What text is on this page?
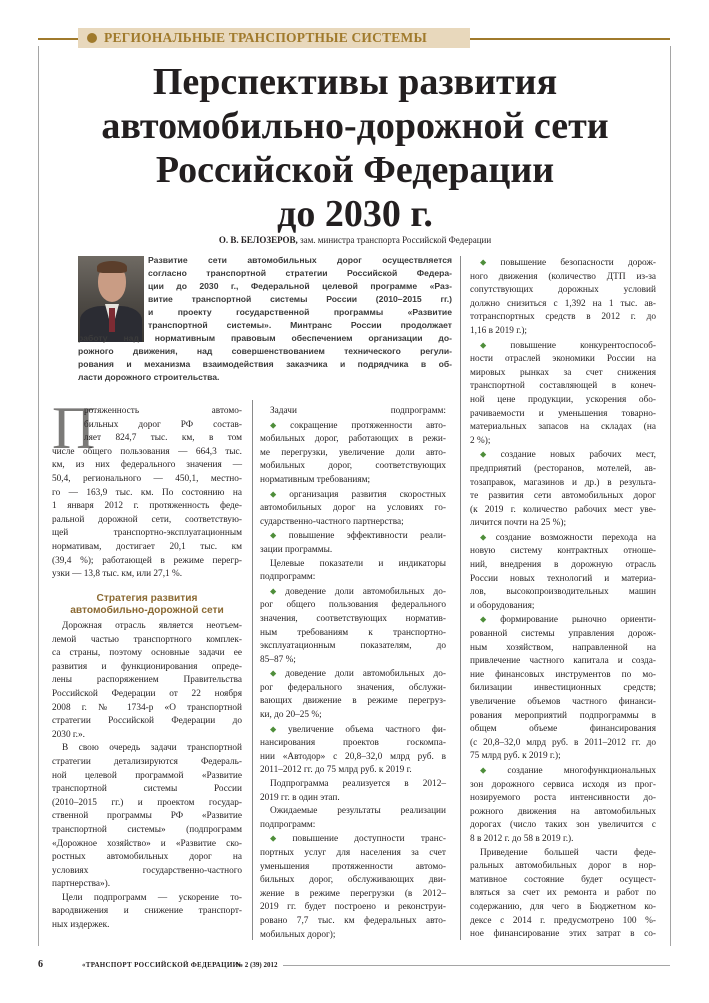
РЕГИОНАЛЬНЫЕ ТРАНСПОРТНЫЕ СИСТЕМЫ
Перспективы развития
автомобильно-дорожной сети
Российской Федерации
до 2030 г.
О. В. БЕЛОЗЕРОВ, зам. министра транспорта Российской Федерации
Развитие сети автомобильных дорог осуществляется
согласно транспортной стратегии Российской Федера-
ции до 2030 г., Федеральной целевой программе «Раз-
витие транспортной системы России (2010–2015 гг.)
и проекту государственной программы «Развитие
транспортной системы». Минтранс России продолжает
работу над нормативным правовым обеспечением организации до-
рожного движения, над совершенствованием технического регули-
рования и механизма взаимодействия заказчика и подрядчика в об-
ласти дорожного строительства.
П
ротяженность автомо-
бильных дорог РФ состав-
ляет 824,7 тыс. км, в том
числе общего пользования — 664,3 тыс.
км, из них федерального значения —
50,4, регионального — 450,1, местно-
го — 163,9 тыс. км. По состоянию на
1 января 2012 г. протяженность феде-
ральной дорожной сети, соответствую-
щей транспортно-эксплуатационным
нормативам, достигает 20,1 тыс. км
(39,4 %); работающей в режиме перегр-
узки — 13,8 тыс. км, или 27,1 %.
Стратегия развития
автомобильно-дорожной сети
Дорожная отрасль является неотъем-
лемой частью транспортного комплек-
са страны, поэтому основные задачи ее
развития и функционирования опреде-
лены распоряжением Правительства
Российской Федерации от 22 ноября
2008 г. № 1734-р «О транспортной
стратегии Российской Федерации до
2030 г.».
В свою очередь задачи транспортной
стратегии детализируются Федераль-
ной целевой программой «Развитие
транспортной системы России
(2010–2015 гг.) и проектом государ-
ственной программы РФ «Развитие
транспортной системы» (подпрограмм
«Дорожное хозяйство» и «Развитие ско-
ростных автомобильных дорог на
условиях государственно-частного
партнерства»).
Цели подпрограмм — ускорение то-
вародвижения и снижение транспорт-
ных издержек.
Задачи подпрограмм:
⬥ сокращение протяженности авто-
мобильных дорог, работающих в режи-
ме перегрузки, увеличение доли авто-
мобильных дорог, соответствующих
нормативным требованиям;
⬥ организация развития скоростных
автомобильных дорог на условиях го-
сударственно-частного партнерства;
⬥ повышение эффективности реали-
зации программы.
Целевые показатели и индикаторы
подпрограмм:
⬥ доведение доли автомобильных до-
рог общего пользования федерального
значения, соответствующих норматив-
ным требованиям к транспортно-
эксплуатационным показателям, до
85–87 %;
⬥ доведение доли автомобильных до-
рог федерального значения, обслужи-
вающих движение в режиме перегруз-
ки, до 20–25 %;
⬥ увеличение объема частного фи-
нансирования проектов госкомпа-
нии «Автодор» с 20,8–32,0 млрд руб. в
2011–2012 гг. до 75 млрд руб. к 2019 г.
Подпрограмма реализуется в 2012–
2019 гг. в один этап.
Ожидаемые результаты реализации
подпрограмм:
⬥ повышение доступности транс-
портных услуг для населения за счет
уменьшения протяженности автомо-
бильных дорог, обслуживающих дви-
жение в режиме перегрузки (в 2012–
2019 гг. будет построено и реконструи-
ровано 7,7 тыс. км федеральных авто-
мобильных дорог);
⬥ повышение безопасности дорож-
ного движения (количество ДТП из-за
сопутствующих дорожных условий
должно снизиться с 1,392 на 1 тыс. ав-
тотранспортных средств в 2012 г. до
1,16 в 2019 г.);
⬥ повышение конкурентоспособ-
ности отраслей экономики России на
мировых рынках за счет снижения
транспортной составляющей в конеч-
ной цене продукции, ускорения обо-
рачиваемости и уменьшения товарно-
материальных запасов на складах (на
2 %);
⬥ создание новых рабочих мест,
предприятий (ресторанов, мотелей, ав-
тозаправок, магазинов и др.) в результа-
те развития сети автомобильных дорог
(к 2019 г. количество рабочих мест уве-
личится почти на 25 %);
⬥ создание возможности перехода на
новую систему контрактных отноше-
ний, внедрения в дорожную отрасль
России новых технологий и материа-
лов, высокопроизводительных машин
и оборудования;
⬥ формирование рыночно ориенти-
рованной системы управления дорож-
ным хозяйством, направленной на
привлечение частного капитала и созда-
ние финансовых инструментов по мо-
билизации инвестиционных средств;
увеличение объемов частного финанси-
рования мероприятий подпрограммы в
общем объеме финансирования
(с 20,8–32,0 млрд руб. в 2011–2012 гг. до
75 млрд руб. к 2019 г.);
⬥ создание многофункциональных
зон дорожного сервиса исходя из прог-
нозируемого роста интенсивности до-
рожного движения на автомобильных
дорогах (число таких зон увеличится с
8 в 2012 г. до 58 в 2019 г.).
Приведение большей части феде-
ральных автомобильных дорог в нор-
мативное состояние будет осущест-
вляться за счет их ремонта и работ по
содержанию, для чего в Бюджетном ко-
дексе с 2014 г. предусмотрено 100 %-
ное финансирование этих затрат в со-
6	«ТРАНСПОРТ РОССИЙСКОЙ ФЕДЕРАЦИИ»
№ 2 (39) 2012
